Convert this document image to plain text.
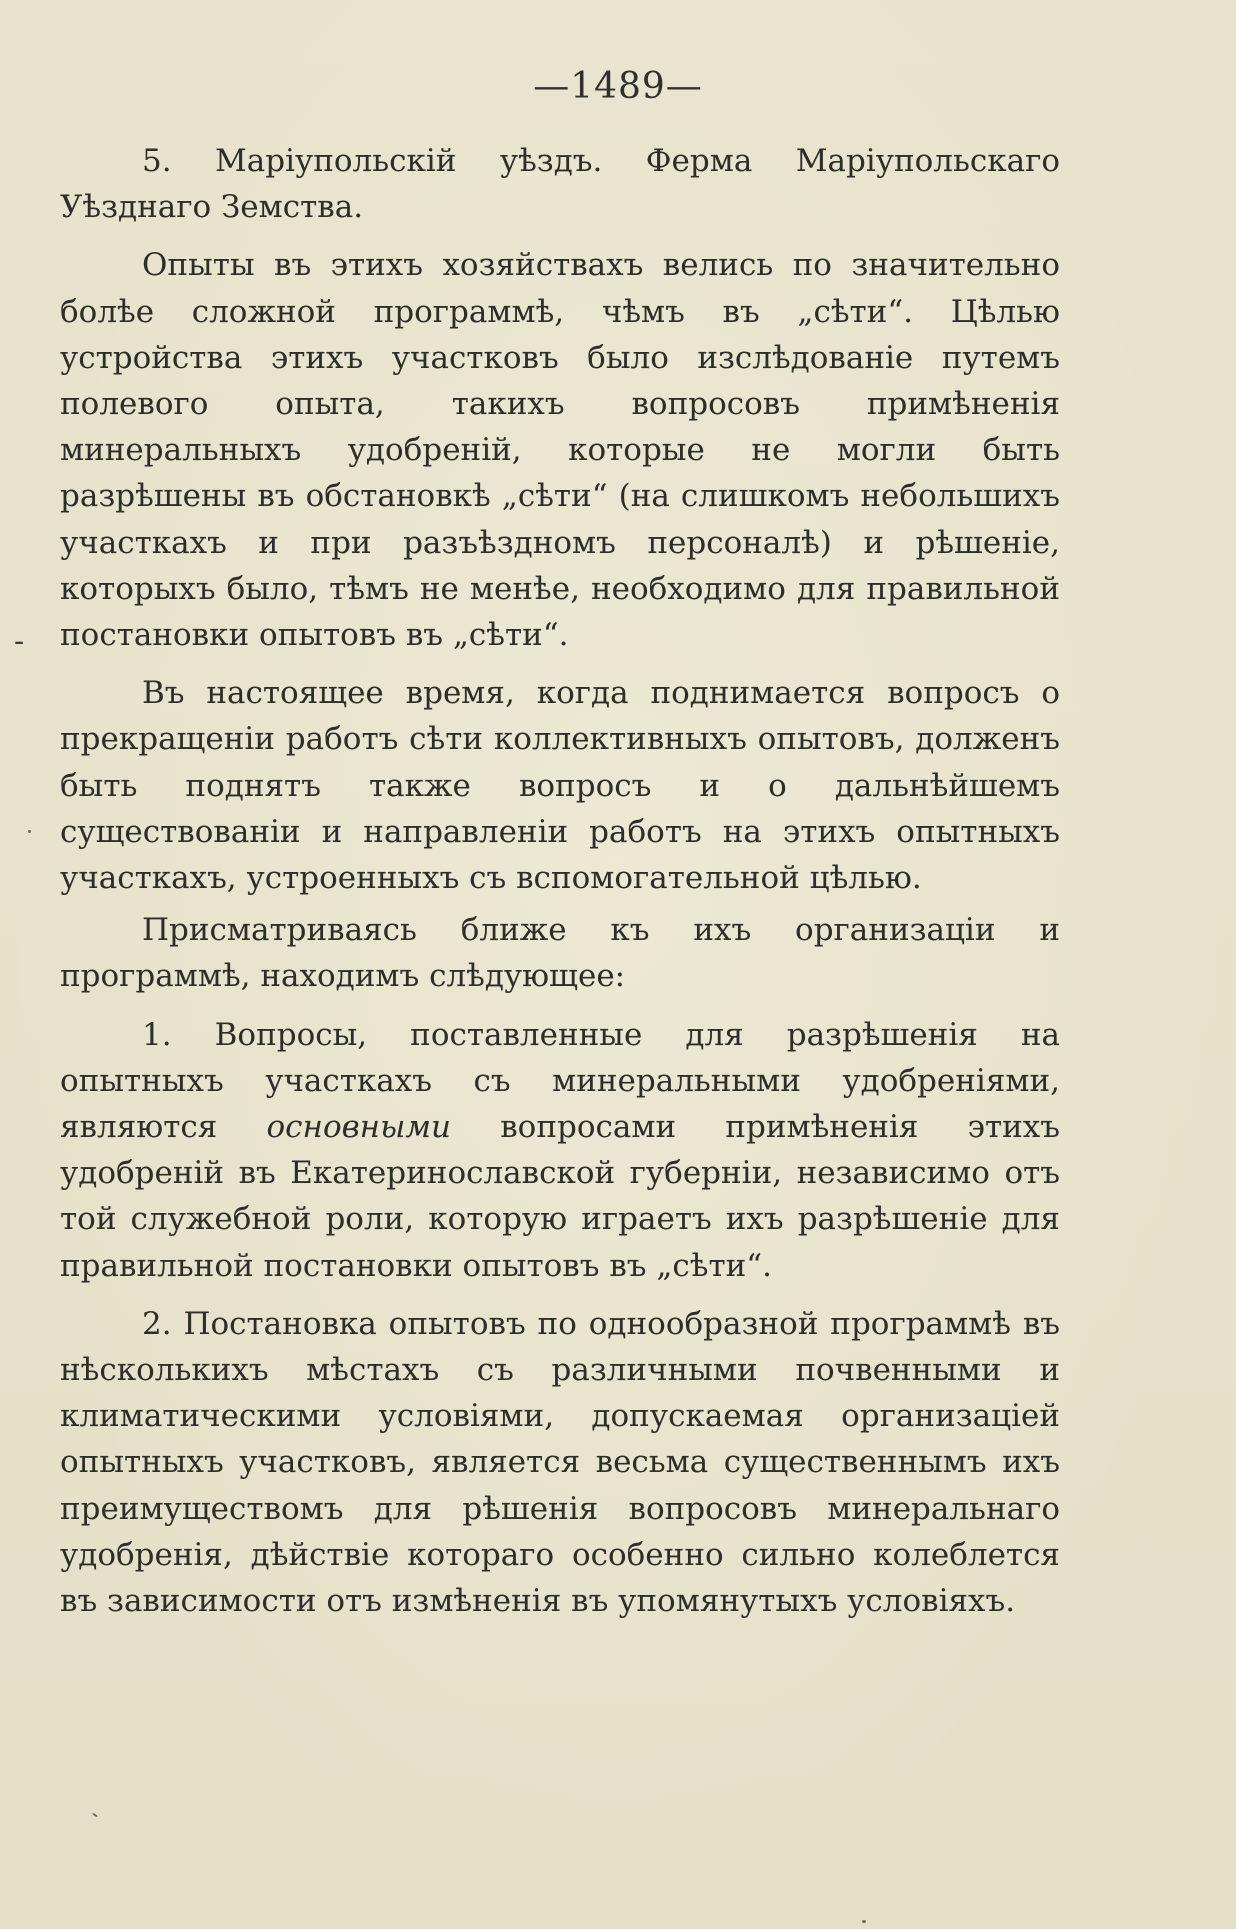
—1489—
-

5. Маріупольскій уѣздъ. Ферма Маріупольскаго Уѣзднаго Земства.

Опыты въ этихъ хозяйствахъ велись по значительно болѣе сложной программѣ, чѣмъ въ „сѣти“. Цѣлью устройства этихъ участковъ было изслѣдованіе путемъ полевого опыта, такихъ вопросовъ примѣненія минеральныхъ удобреній, которые не могли быть разрѣшены въ обстановкѣ „сѣти“ (на слишкомъ небольшихъ участкахъ и при разъѣздномъ персоналѣ) и рѣшеніе, которыхъ было, тѣмъ не менѣе, необходимо для правильной постановки опытовъ въ „сѣти“.

Въ настоящее время, когда поднимается вопросъ о прекращеніи работъ сѣти коллективныхъ опытовъ, долженъ быть поднятъ также вопросъ и о дальнѣйшемъ существованіи и направленіи работъ на этихъ опытныхъ участкахъ, устроенныхъ съ вспомогательной цѣлью.

Присматриваясь ближе къ ихъ организаціи и программѣ, находимъ слѣдующее:

1. Вопросы, поставленные для разрѣшенія на опытныхъ участкахъ съ минеральными удобреніями, являются основными вопросами примѣненія этихъ удобреній въ Екатеринославской губерніи, независимо отъ той служебной роли, которую играетъ ихъ разрѣшеніе для правильной постановки опытовъ въ „сѣти“.

2. Постановка опытовъ по однообразной программѣ въ нѣсколькихъ мѣстахъ съ различными почвенными и климатическими условіями, допускаемая организаціей опытныхъ участковъ, является весьма существеннымъ ихъ преимуществомъ для рѣшенія вопросовъ минеральнаго удобренія, дѣйствіе котораго особенно сильно колеблется въ зависимости отъ измѣненія въ упомянутыхъ условіяхъ.
